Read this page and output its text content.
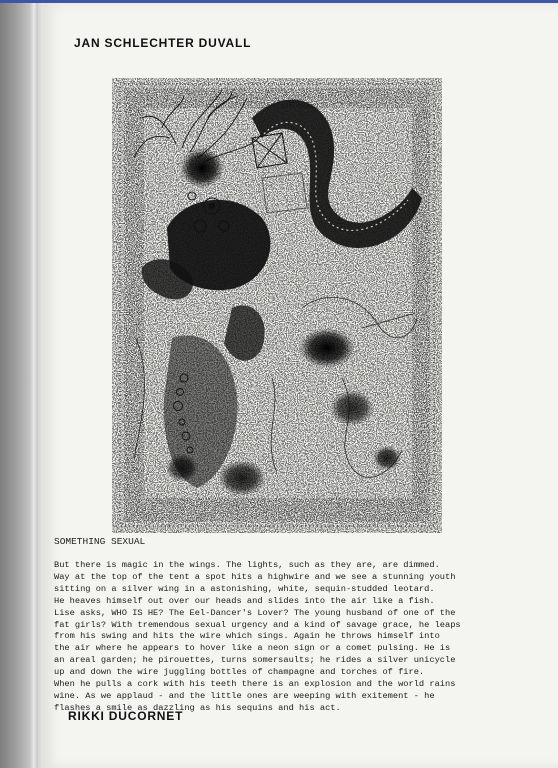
JAN SCHLECHTER DUVALL
SOMETHING SEXUAL
But there is magic in the wings. The lights, such as they are, are dimmed.
Way at the top of the tent a spot hits a highwire and we see a stunning youth
sitting on a silver wing in a astonishing, white, sequin-studded leotard.
He heaves himself out over our heads and slides into the air like a fish.
Lise asks, WHO IS HE? The Eel-Dancer's Lover? The young husband of one of the
fat girls? With tremendous sexual urgency and a kind of savage grace, he leaps
from his swing and hits the wire which sings. Again he throws himself into
the air where he appears to hover like a neon sign or a comet pulsing. He is
an areal garden; he pirouettes, turns somersaults; he rides a silver unicycle
up and down the wire juggling bottles of champagne and torches of fire.
When he pulls a cork with his teeth there is an explosion and the world rains
wine. As we applaud - and the little ones are weeping with exitement - he
flashes a smile as dazzling as his sequins and his act.
RIKKI DUCORNET
